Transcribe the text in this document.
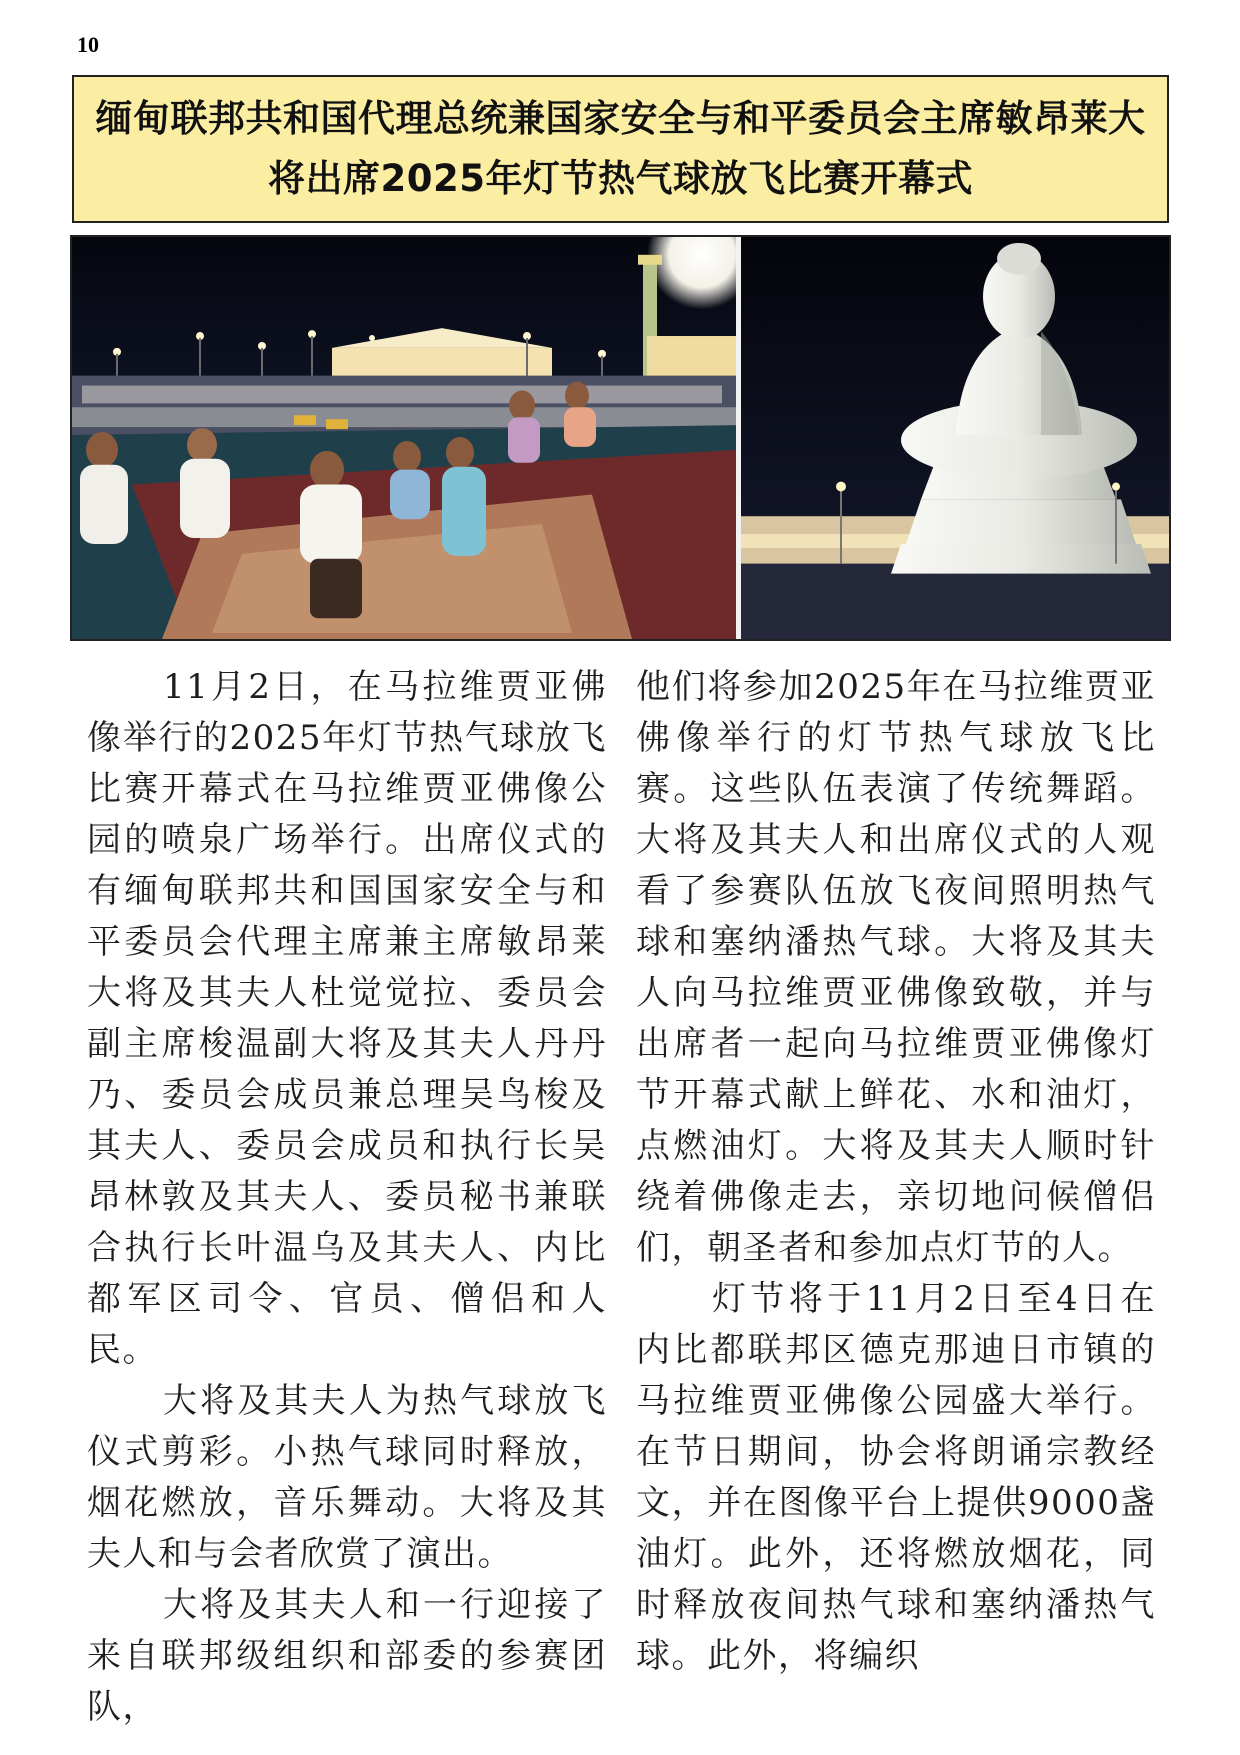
10
缅甸联邦共和国代理总统兼国家安全与和平委员会主席敏昂莱大
将出席2025年灯节热气球放飞比赛开幕式

11月2日，在马拉维贾亚佛像举行的2025年灯节热气球放飞比赛开幕式在马拉维贾亚佛像公园的喷泉广场举行。出席仪式的有缅甸联邦共和国国家安全与和平委员会代理主席兼主席敏昂莱大将及其夫人杜觉觉拉、委员会副主席梭温副大将及其夫人丹丹乃、委员会成员兼总理吴鸟梭及其夫人、委员会成员和执行长吴昂林敦及其夫人、委员秘书兼联合执行长叶温乌及其夫人、内比都军区司令、官员、僧侣和人民。

大将及其夫人为热气球放飞仪式剪彩。小热气球同时释放，烟花燃放，音乐舞动。大将及其夫人和与会者欣赏了演出。

大将及其夫人和一行迎接了来自联邦级组织和部委的参赛团队，

他们将参加2025年在马拉维贾亚佛像举行的灯节热气球放飞比赛。这些队伍表演了传统舞蹈。大将及其夫人和出席仪式的人观看了参赛队伍放飞夜间照明热气球和塞纳潘热气球。大将及其夫人向马拉维贾亚佛像致敬，并与出席者一起向马拉维贾亚佛像灯节开幕式献上鲜花、水和油灯，点燃油灯。大将及其夫人顺时针绕着佛像走去，亲切地问候僧侣们，朝圣者和参加点灯节的人。

灯节将于11月2日至4日在内比都联邦区德克那迪日市镇的马拉维贾亚佛像公园盛大举行。在节日期间，协会将朗诵宗教经文，并在图像平台上提供9000盏油灯。此外，还将燃放烟花，同时释放夜间热气球和塞纳潘热气球。此外，将编织
